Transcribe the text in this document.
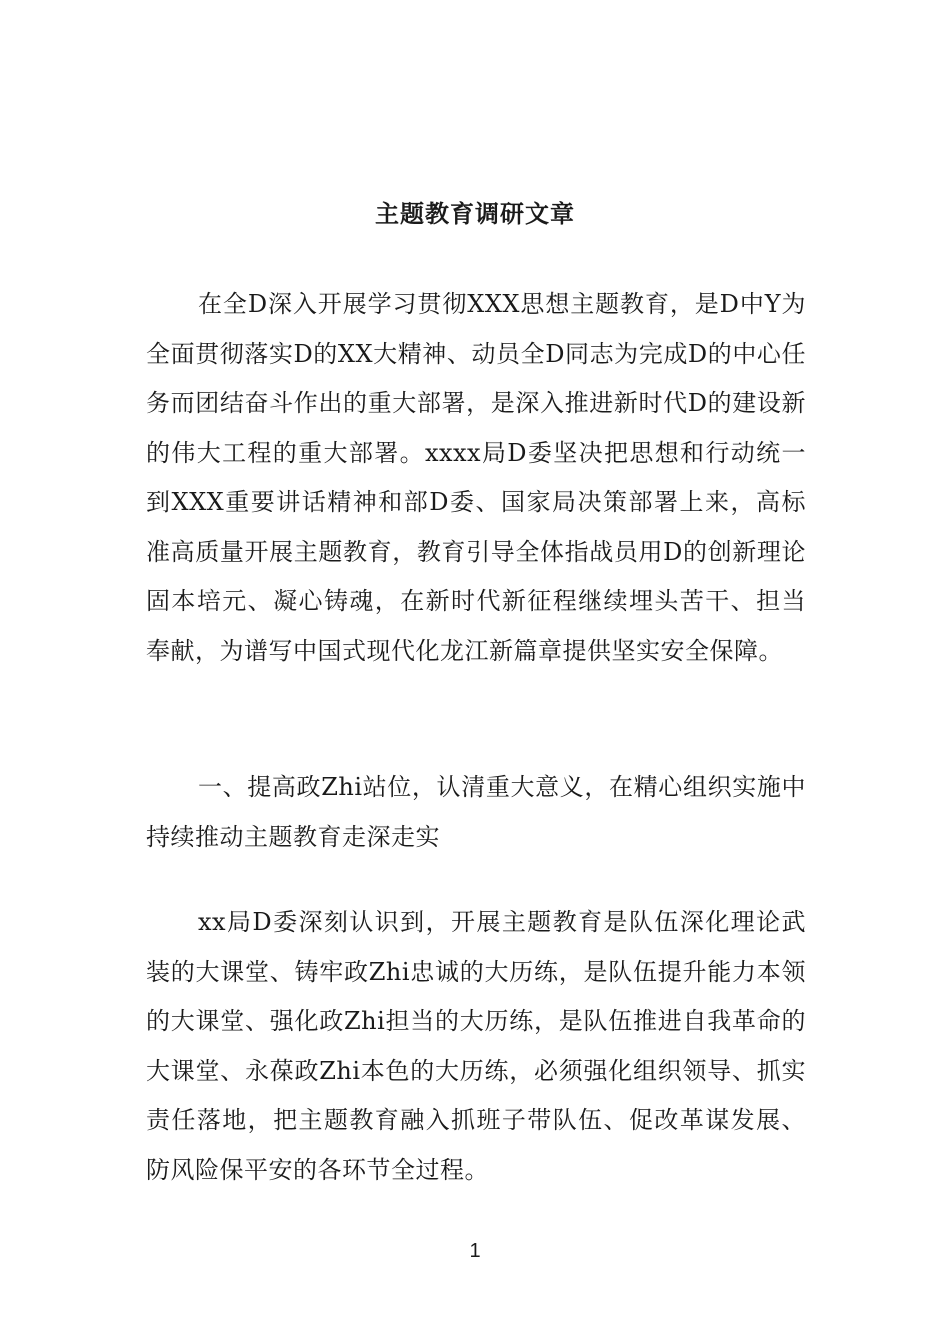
主题教育调研文章

在全D深入开展学习贯彻XXX思想主题教育，是D中Y为全面贯彻落实D的XX大精神、动员全D同志为完成D的中心任务而团结奋斗作出的重大部署，是深入推进新时代D的建设新的伟大工程的重大部署。xxxx局D委坚决把思想和行动统一到XXX重要讲话精神和部D委、国家局决策部署上来，高标准高质量开展主题教育，教育引导全体指战员用D的创新理论固本培元、凝心铸魂，在新时代新征程继续埋头苦干、担当奉献，为谱写中国式现代化龙江新篇章提供坚实安全保障。

一、提高政Zhi站位，认清重大意义，在精心组织实施中持续推动主题教育走深走实

xx局D委深刻认识到，开展主题教育是队伍深化理论武装的大课堂、铸牢政Zhi忠诚的大历练，是队伍提升能力本领的大课堂、强化政Zhi担当的大历练，是队伍推进自我革命的大课堂、永葆政Zhi本色的大历练，必须强化组织领导、抓实责任落地，把主题教育融入抓班子带队伍、促改革谋发展、防风险保平安的各环节全过程。

1
